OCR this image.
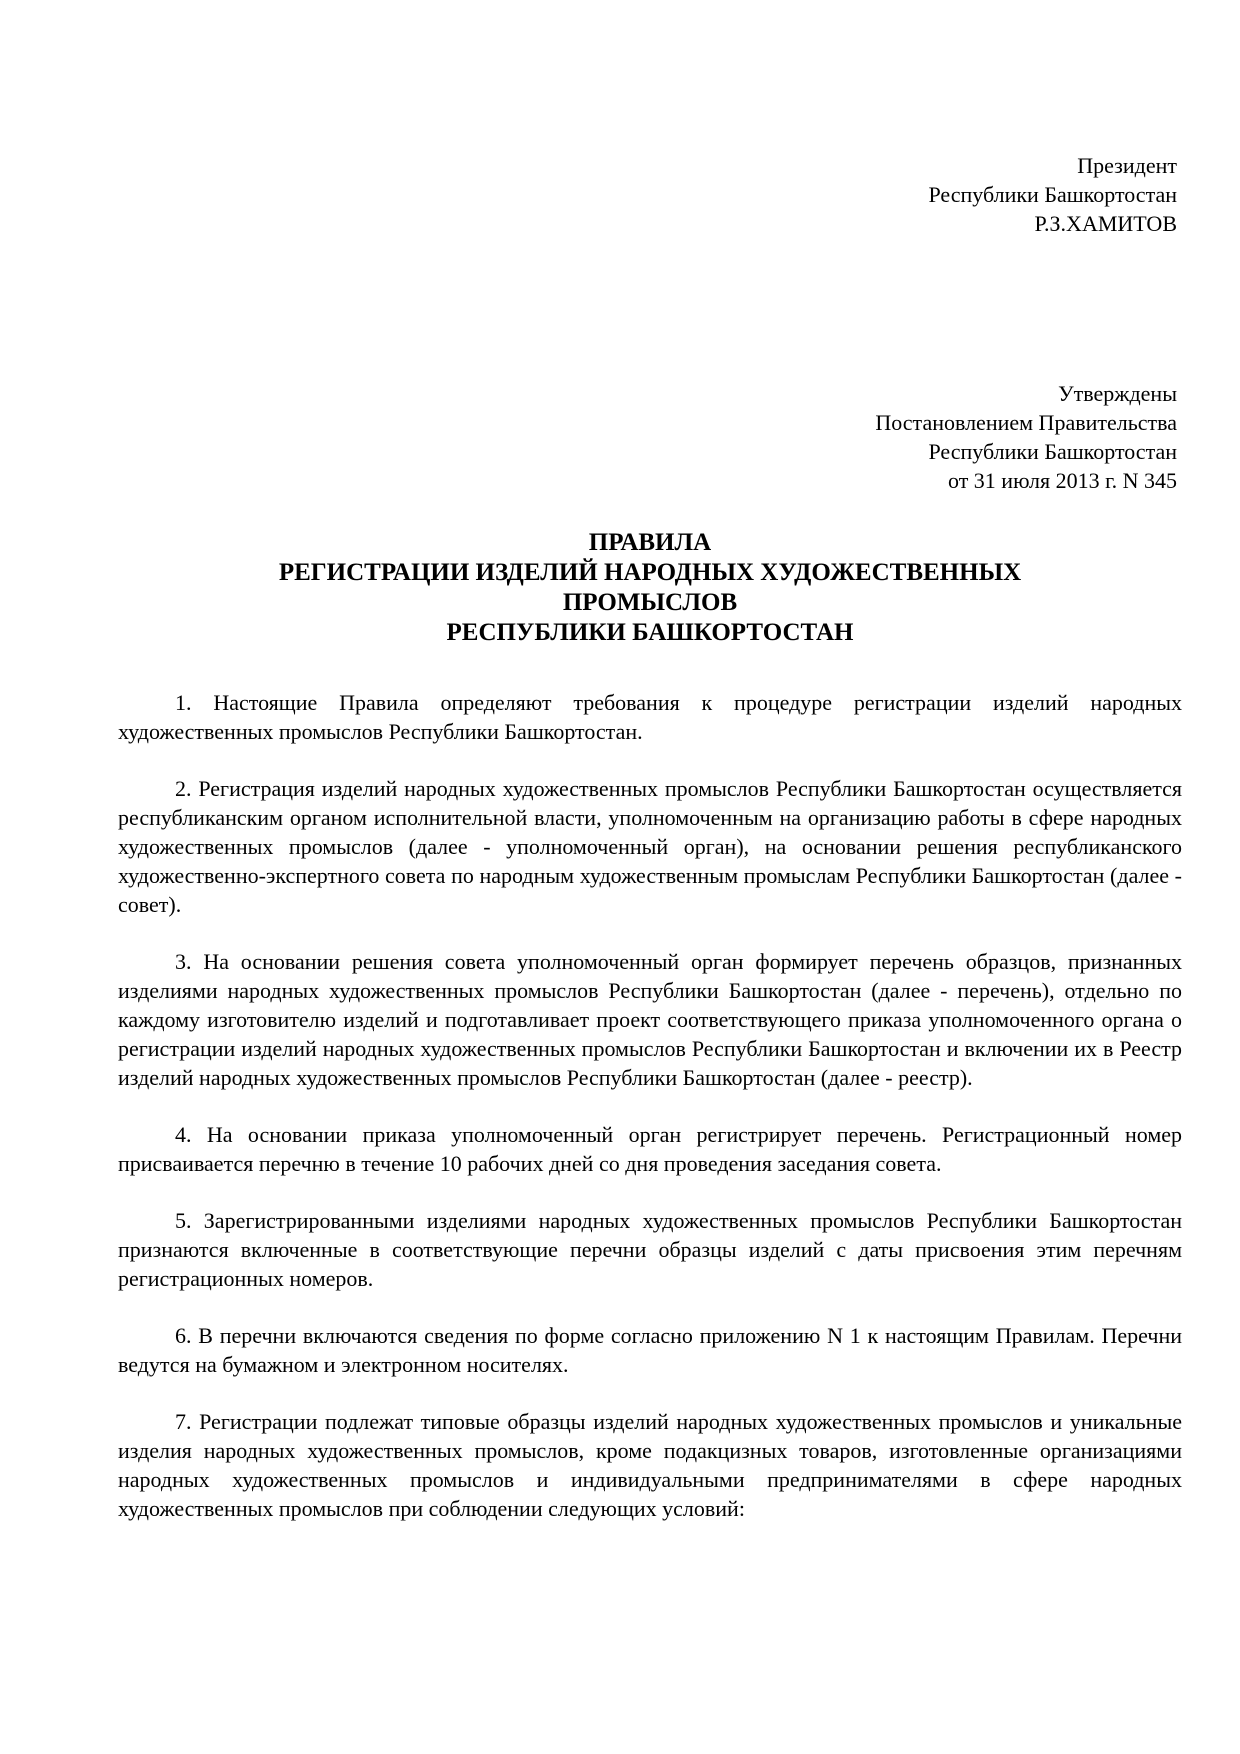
Президент
Республики Башкортостан
Р.З.ХАМИТОВ
Утверждены
Постановлением Правительства
Республики Башкортостан
от 31 июля 2013 г. N 345
ПРАВИЛА
РЕГИСТРАЦИИ ИЗДЕЛИЙ НАРОДНЫХ ХУДОЖЕСТВЕННЫХ
ПРОМЫСЛОВ
РЕСПУБЛИКИ БАШКОРТОСТАН

1. Настоящие Правила определяют требования к процедуре регистрации изделий народных художественных промыслов Республики Башкортостан.

2. Регистрация изделий народных художественных промыслов Республики Башкортостан осуществляется республиканским органом исполнительной власти, уполномоченным на организацию работы в сфере народных художественных промыслов (далее - уполномоченный орган), на основании решения республиканского художественно-экспертного совета по народным художественным промыслам Республики Башкортостан (далее - совет).

3. На основании решения совета уполномоченный орган формирует перечень образцов, признанных изделиями народных художественных промыслов Республики Башкортостан (далее - перечень), отдельно по каждому изготовителю изделий и подготавливает проект соответствующего приказа уполномоченного органа о регистрации изделий народных художественных промыслов Республики Башкортостан и включении их в Реестр изделий народных художественных промыслов Республики Башкортостан (далее - реестр).

4. На основании приказа уполномоченный орган регистрирует перечень. Регистрационный номер присваивается перечню в течение 10 рабочих дней со дня проведения заседания совета.

5. Зарегистрированными изделиями народных художественных промыслов Республики Башкортостан признаются включенные в соответствующие перечни образцы изделий с даты присвоения этим перечням регистрационных номеров.

6. В перечни включаются сведения по форме согласно приложению N 1 к настоящим Правилам. Перечни ведутся на бумажном и электронном носителях.

7. Регистрации подлежат типовые образцы изделий народных художественных промыслов и уникальные изделия народных художественных промыслов, кроме подакцизных товаров, изготовленные организациями народных художественных промыслов и индивидуальными предпринимателями в сфере народных художественных промыслов при соблюдении следующих условий:
